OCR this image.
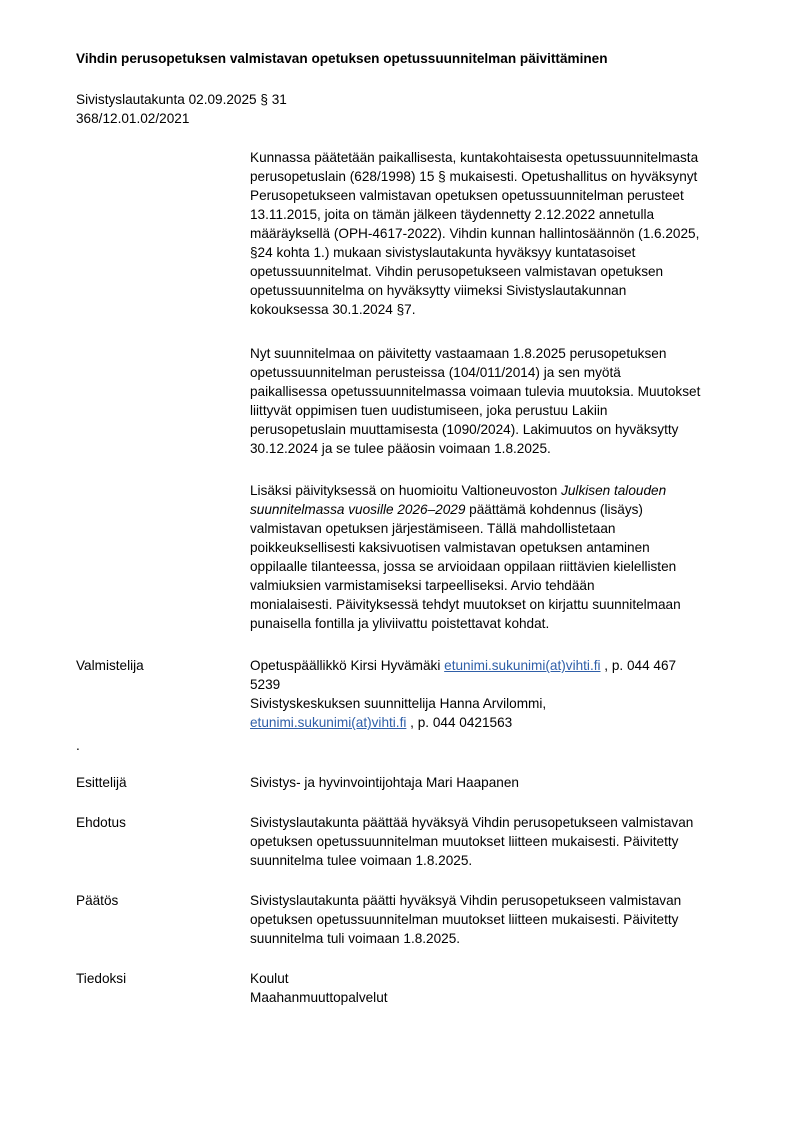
Vihdin perusopetuksen valmistavan opetuksen opetussuunnitelman päivittäminen
Sivistyslautakunta 02.09.2025 § 31
368/12.01.02/2021
Kunnassa päätetään paikallisesta, kuntakohtaisesta opetussuunnitelmasta
perusopetuslain (628/1998) 15 § mukaisesti. Opetushallitus on hyväksynyt
Perusopetukseen valmistavan opetuksen opetussuunnitelman perusteet
13.11.2015, joita on tämän jälkeen täydennetty 2.12.2022 annetulla
määräyksellä (OPH-4617-2022). Vihdin kunnan hallintosäännön (1.6.2025,
§24 kohta 1.) mukaan sivistyslautakunta hyväksyy kuntatasoiset
opetussuunnitelmat. Vihdin perusopetukseen valmistavan opetuksen
opetussuunnitelma on hyväksytty viimeksi Sivistyslautakunnan
kokouksessa 30.1.2024 §7.
Nyt suunnitelmaa on päivitetty vastaamaan 1.8.2025 perusopetuksen
opetussuunnitelman perusteissa (104/011/2014) ja sen myötä
paikallisessa opetussuunnitelmassa voimaan tulevia muutoksia. Muutokset
liittyvät oppimisen tuen uudistumiseen, joka perustuu Lakiin
perusopetuslain muuttamisesta (1090/2024). Lakimuutos on hyväksytty
30.12.2024 ja se tulee pääosin voimaan 1.8.2025.
Lisäksi päivityksessä on huomioitu Valtioneuvoston Julkisen talouden
suunnitelmassa vuosille 2026–2029 päättämä kohdennus (lisäys)
valmistavan opetuksen järjestämiseen. Tällä mahdollistetaan
poikkeuksellisesti kaksivuotisen valmistavan opetuksen antaminen
oppilaalle tilanteessa, jossa se arvioidaan oppilaan riittävien kielellisten
valmiuksien varmistamiseksi tarpeelliseksi. Arvio tehdään
monialaisesti. Päivityksessä tehdyt muutokset on kirjattu suunnitelmaan
punaisella fontilla ja yliviivattu poistettavat kohdat.
Valmistelija	Opetuspäällikkö Kirsi Hyvämäki etunimi.sukunimi(at)vihti.fi , p. 044 467
5239
Sivistyskeskuksen suunnittelija Hanna Arvilommi,
etunimi.sukunimi(at)vihti.fi , p. 044 0421563
.
Esittelijä	Sivistys- ja hyvinvointijohtaja Mari Haapanen
Ehdotus	Sivistyslautakunta päättää hyväksyä Vihdin perusopetukseen valmistavan
opetuksen opetussuunnitelman muutokset liitteen mukaisesti. Päivitetty
suunnitelma tulee voimaan 1.8.2025.
Päätös	Sivistyslautakunta päätti hyväksyä Vihdin perusopetukseen valmistavan
opetuksen opetussuunnitelman muutokset liitteen mukaisesti. Päivitetty
suunnitelma tuli voimaan 1.8.2025.
Tiedoksi	Koulut
Maahanmuuttopalvelut
